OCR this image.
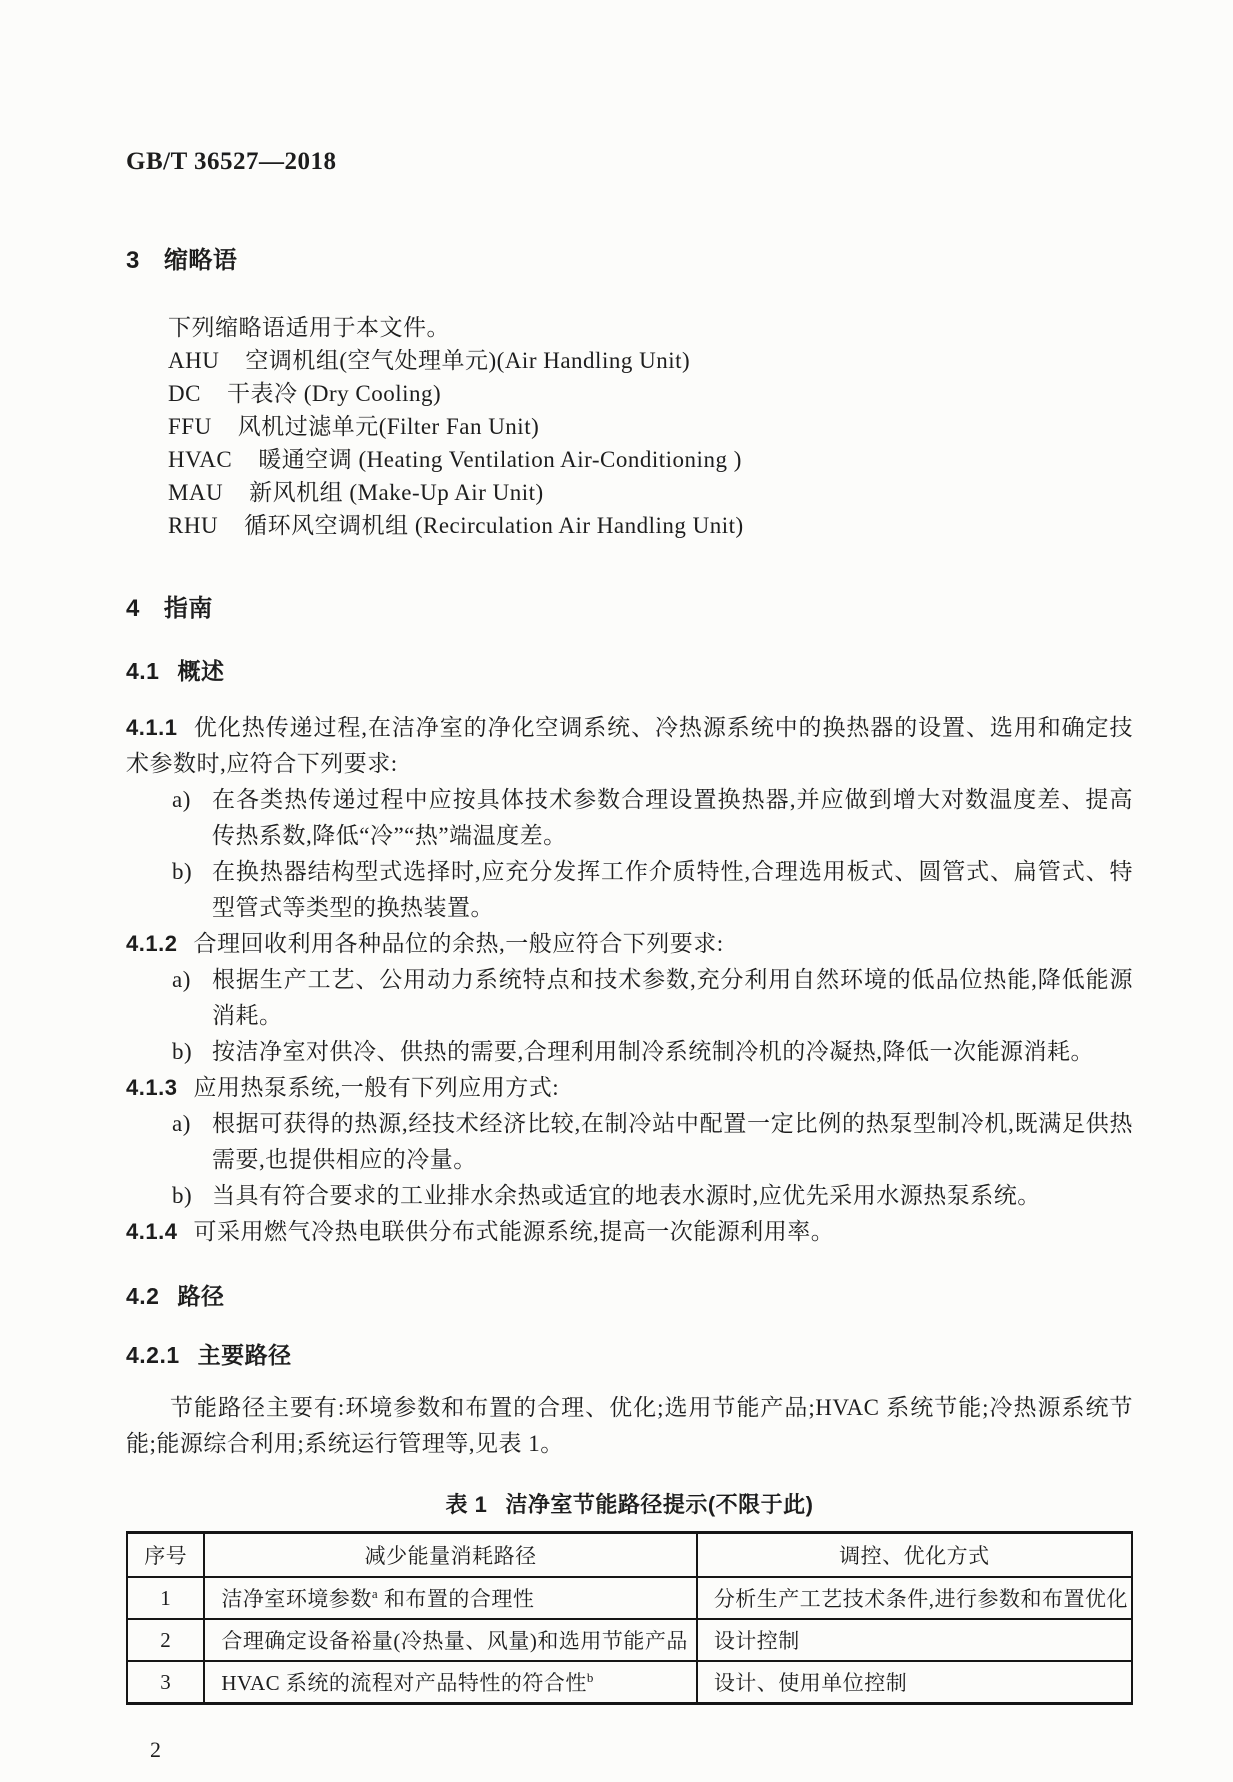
GB/T 36527—2018
3 缩略语

下列缩略语适用于本文件。

AHU 空调机组(空气处理单元)(Air Handling Unit)
DC 干表冷 (Dry Cooling)
FFU 风机过滤单元(Filter Fan Unit)
HVAC 暖通空调 (Heating Ventilation Air-Conditioning )
MAU 新风机组 (Make-Up Air Unit)
RHU 循环风空调机组 (Recirculation Air Handling Unit)
4 指南
4.1 概述

4.1.1 优化热传递过程,在洁净室的净化空调系统、冷热源系统中的换热器的设置、选用和确定技术参数时,应符合下列要求:

a) 在各类热传递过程中应按具体技术参数合理设置换热器,并应做到增大对数温度差、提高传热系数,降低“冷”“热”端温度差。
b) 在换热器结构型式选择时,应充分发挥工作介质特性,合理选用板式、圆管式、扁管式、特型管式等类型的换热装置。

4.1.2 合理回收利用各种品位的余热,一般应符合下列要求:

a) 根据生产工艺、公用动力系统特点和技术参数,充分利用自然环境的低品位热能,降低能源消耗。
b) 按洁净室对供冷、供热的需要,合理利用制冷系统制冷机的冷凝热,降低一次能源消耗。

4.1.3 应用热泵系统,一般有下列应用方式:

a) 根据可获得的热源,经技术经济比较,在制冷站中配置一定比例的热泵型制冷机,既满足供热需要,也提供相应的冷量。
b) 当具有符合要求的工业排水余热或适宜的地表水源时,应优先采用水源热泵系统。

4.1.4 可采用燃气冷热电联供分布式能源系统,提高一次能源利用率。

4.2 路径
4.2.1 主要路径

节能路径主要有:环境参数和布置的合理、优化;选用节能产品;HVAC 系统节能;冷热源系统节能;能源综合利用;系统运行管理等,见表 1。

表 1 洁净室节能路径提示(不限于此)
序号	减少能量消耗路径	调控、优化方式
1	洁净室环境参数$^a$ 和布置的合理性	分析生产工艺技术条件,进行参数和布置优化
2	合理确定设备裕量(冷热量、风量)和选用节能产品	设计控制
3	HVAC 系统的流程对产品特性的符合性$^b$	设计、使用单位控制
2
